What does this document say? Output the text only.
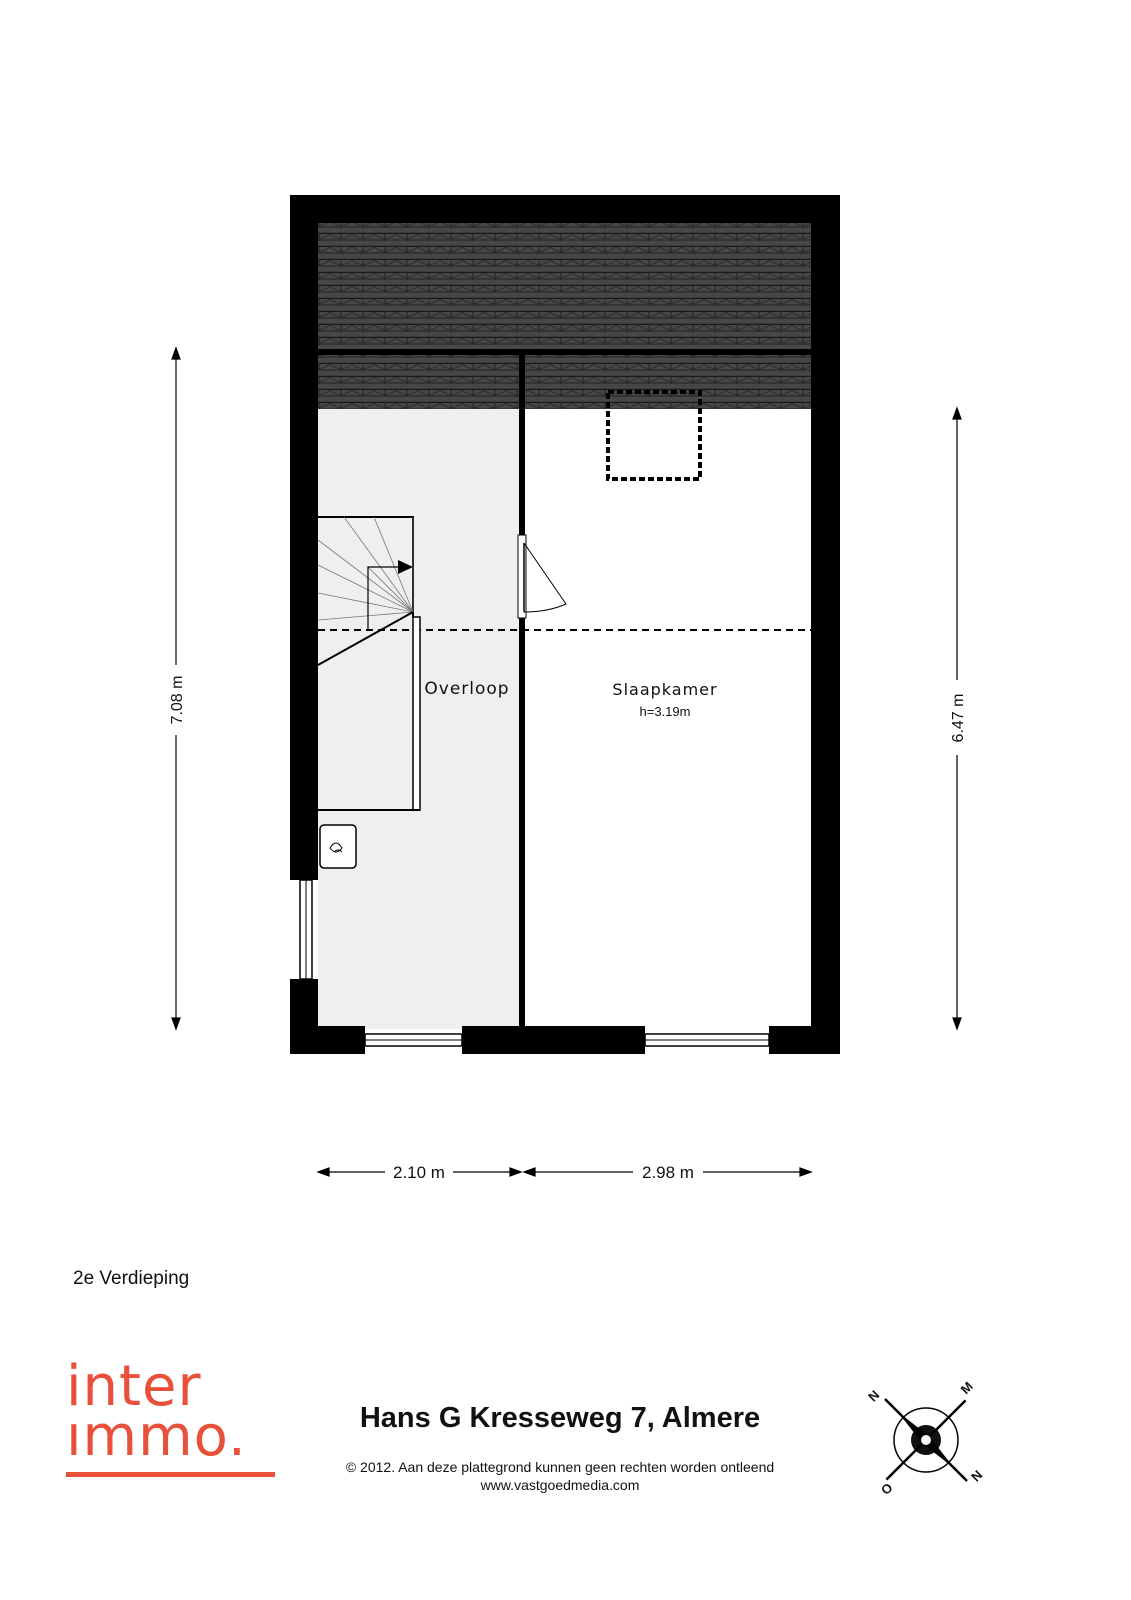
Overloop	Slaapkamer
h=3.19m
7.08 m	6.47 m
2.10 m	2.98 m
N	M
N
O
2e Verdieping
inter
ımmo.	Hans G Kresseweg 7, Almere
© 2012. Aan deze plattegrond kunnen geen rechten worden ontleend
www.vastgoedmedia.com
